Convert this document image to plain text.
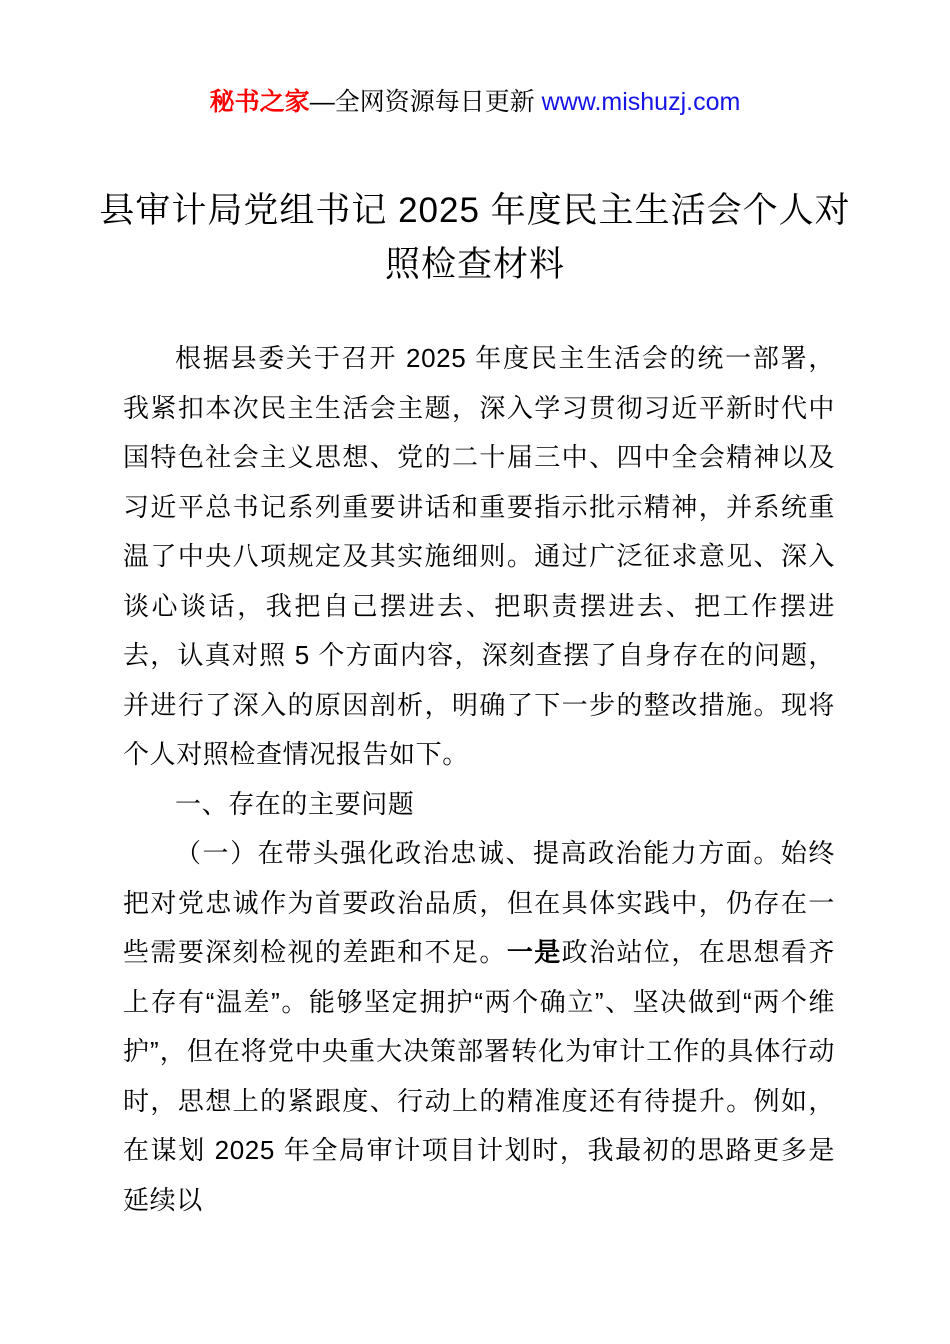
秘书之家—全网资源每日更新 www.mishuzj.com
县审计局党组书记 2025 年度民主生活会个人对照检查材料

根据县委关于召开 2025 年度民主生活会的统一部署，我紧扣本次民主生活会主题，深入学习贯彻习近平新时代中国特色社会主义思想、党的二十届三中、四中全会精神以及习近平总书记系列重要讲话和重要指示批示精神，并系统重温了中央八项规定及其实施细则。通过广泛征求意见、深入谈心谈话，我把自己摆进去、把职责摆进去、把工作摆进去，认真对照 5 个方面内容，深刻查摆了自身存在的问题，并进行了深入的原因剖析，明确了下一步的整改措施。现将个人对照检查情况报告如下。

一、存在的主要问题

（一）在带头强化政治忠诚、提高政治能力方面。始终把对党忠诚作为首要政治品质，但在具体实践中，仍存在一些需要深刻检视的差距和不足。一是政治站位，在思想看齐上存有“温差”。能够坚定拥护“两个确立”、坚决做到“两个维护”，但在将党中央重大决策部署转化为审计工作的具体行动时，思想上的紧跟度、行动上的精准度还有待提升。例如，在谋划 2025 年全局审计项目计划时，我最初的思路更多是延续以
